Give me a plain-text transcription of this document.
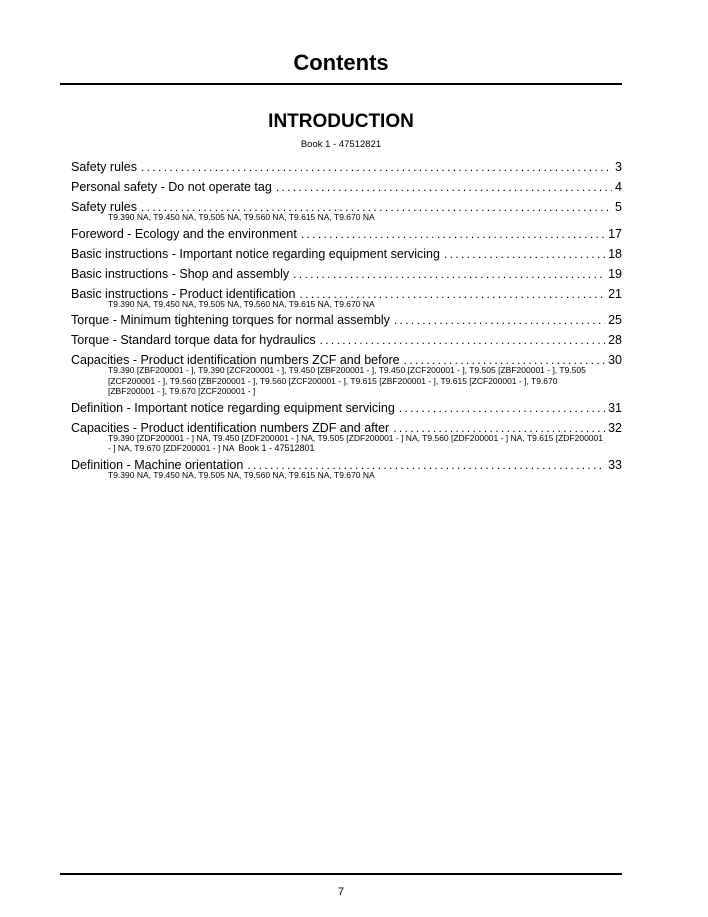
Contents
INTRODUCTION
Book 1 - 47512821
Safety rules . . .	3
Personal safety - Do not operate tag . . .	4
Safety rules . . .	5
T9.390 NA, T9.450 NA, T9.505 NA, T9.560 NA, T9.615 NA, T9.670 NA
Foreword - Ecology and the environment . . .	17
Basic instructions - Important notice regarding equipment servicing . . .	18
Basic instructions - Shop and assembly . . .	19
Basic instructions - Product identification . . .	21
T9.390 NA, T9.450 NA, T9.505 NA, T9.560 NA, T9.615 NA, T9.670 NA
Torque - Minimum tightening torques for normal assembly . . .	25
Torque - Standard torque data for hydraulics . . .	28
Capacities - Product identification numbers ZCF and before . . .	30
T9.390 [ZBF200001 - ], T9.390 [ZCF200001 - ], T9.450 [ZBF200001 - ], T9.450 [ZCF200001 - ], T9.505 [ZBF200001 - ], T9.505 [ZCF200001 - ], T9.560 [ZBF200001 - ], T9.560 [ZCF200001 - ], T9.615 [ZBF200001 - ], T9.615 [ZCF200001 - ], T9.670 [ZBF200001 - ], T9.670 [ZCF200001 - ]
Definition - Important notice regarding equipment servicing . . .	31
Capacities - Product identification numbers ZDF and after . . .	32
T9.390 [ZDF200001 - ] NA, T9.450 [ZDF200001 - ] NA, T9.505 [ZDF200001 - ] NA, T9.560 [ZDF200001 - ] NA, T9.615 [ZDF200001 - ] NA, T9.670 [ZDF200001 - ] NA Book 1 - 47512801
Definition - Machine orientation . . .	33
T9.390 NA, T9.450 NA, T9.505 NA, T9.560 NA, T9.615 NA, T9.670 NA
7
